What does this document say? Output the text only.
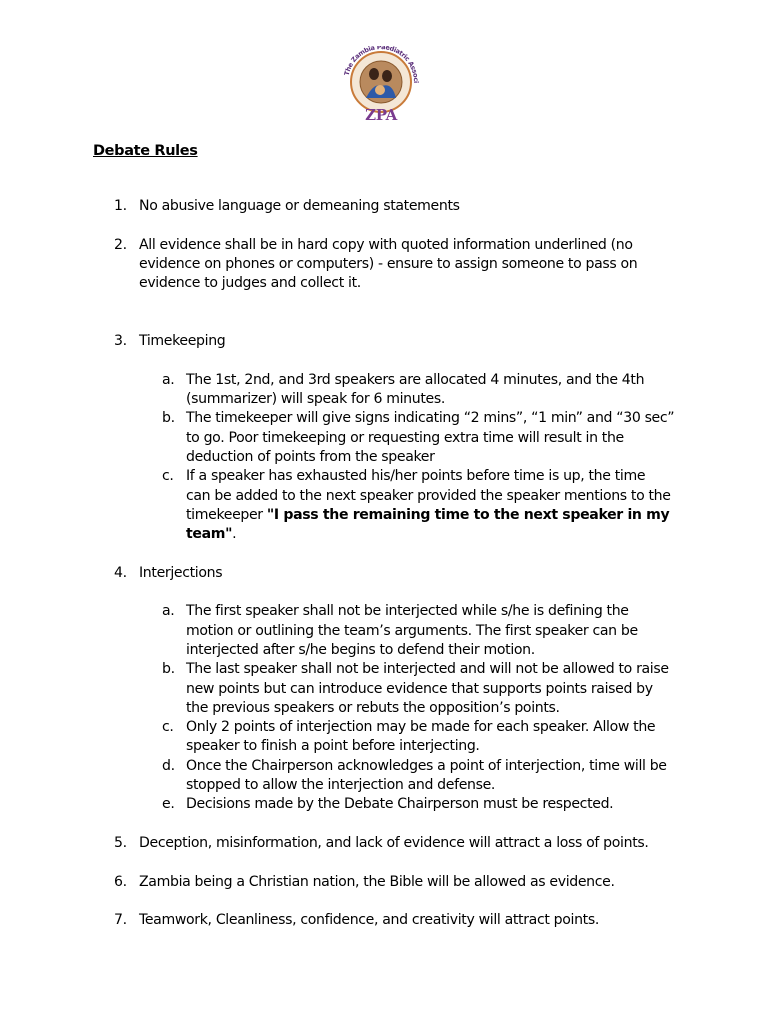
The Zambia Paediatric Associ
ZPA
Debate Rules
1. No abusive language or demeaning statements
2. All evidence shall be in hard copy with quoted information underlined (no
evidence on phones or computers) - ensure to assign someone to pass on
evidence to judges and collect it.
3. Timekeeping
a. The 1st, 2nd, and 3rd speakers are allocated 4 minutes, and the 4th
(summarizer) will speak for 6 minutes.
b. The timekeeper will give signs indicating “2 mins”, “1 min” and “30 sec”
to go. Poor timekeeping or requesting extra time will result in the
deduction of points from the speaker
c. If a speaker has exhausted his/her points before time is up, the time
can be added to the next speaker provided the speaker mentions to the
timekeeper "I pass the remaining time to the next speaker in my
team".
4. Interjections
a. The first speaker shall not be interjected while s/he is defining the
motion or outlining the team’s arguments. The first speaker can be
interjected after s/he begins to defend their motion.
b. The last speaker shall not be interjected and will not be allowed to raise
new points but can introduce evidence that supports points raised by
the previous speakers or rebuts the opposition’s points.
c. Only 2 points of interjection may be made for each speaker. Allow the
speaker to finish a point before interjecting.
d. Once the Chairperson acknowledges a point of interjection, time will be
stopped to allow the interjection and defense.
e. Decisions made by the Debate Chairperson must be respected.
5. Deception, misinformation, and lack of evidence will attract a loss of points.
6. Zambia being a Christian nation, the Bible will be allowed as evidence.
7. Teamwork, Cleanliness, confidence, and creativity will attract points.
